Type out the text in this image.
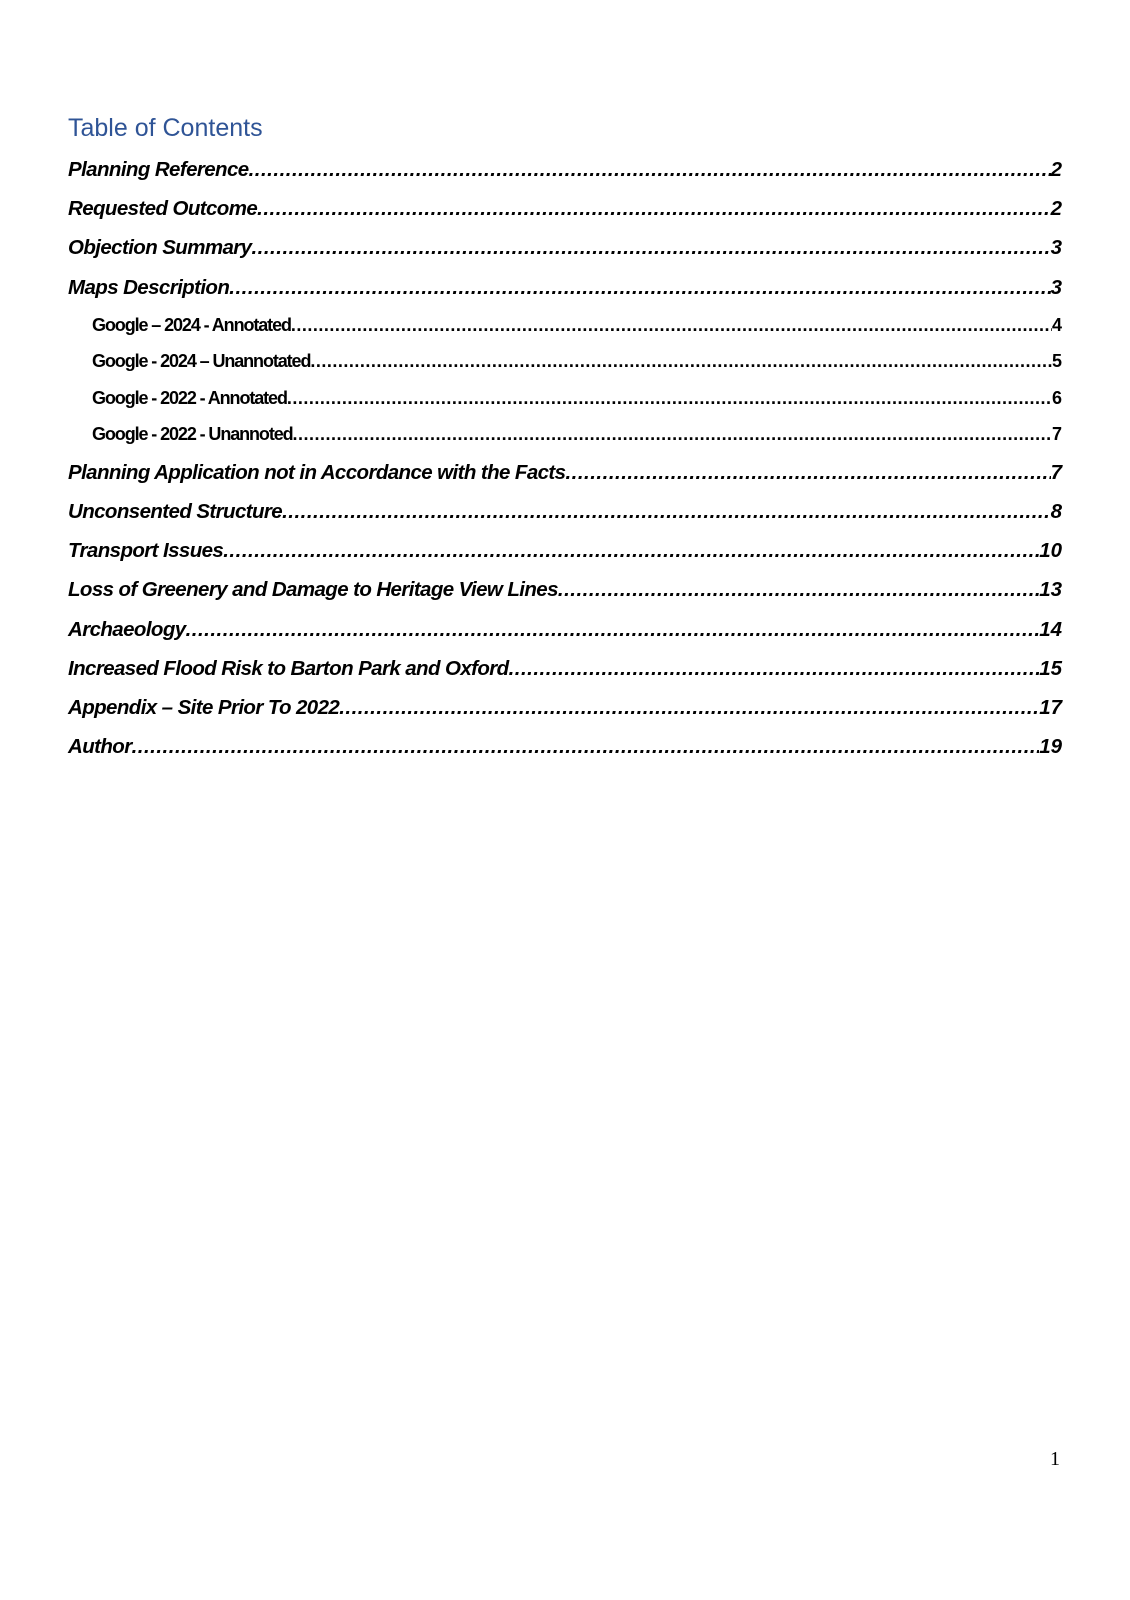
Table of Contents
Planning Reference .....	2
Requested Outcome .....	2
Objection Summary .....	3
Maps Description .....	3
Google – 2024 - Annotated .....	4
Google - 2024 – Unannotated .....	5
Google - 2022 - Annotated .....	6
Google - 2022 - Unannoted .....	7
Planning Application not in Accordance with the Facts .....	7
Unconsented Structure .....	8
Transport Issues .....	10
Loss of Greenery and Damage to Heritage View Lines .....	13
Archaeology .....	14
Increased Flood Risk to Barton Park and Oxford .....	15
Appendix – Site Prior To 2022 .....	17
Author .....	19
1
